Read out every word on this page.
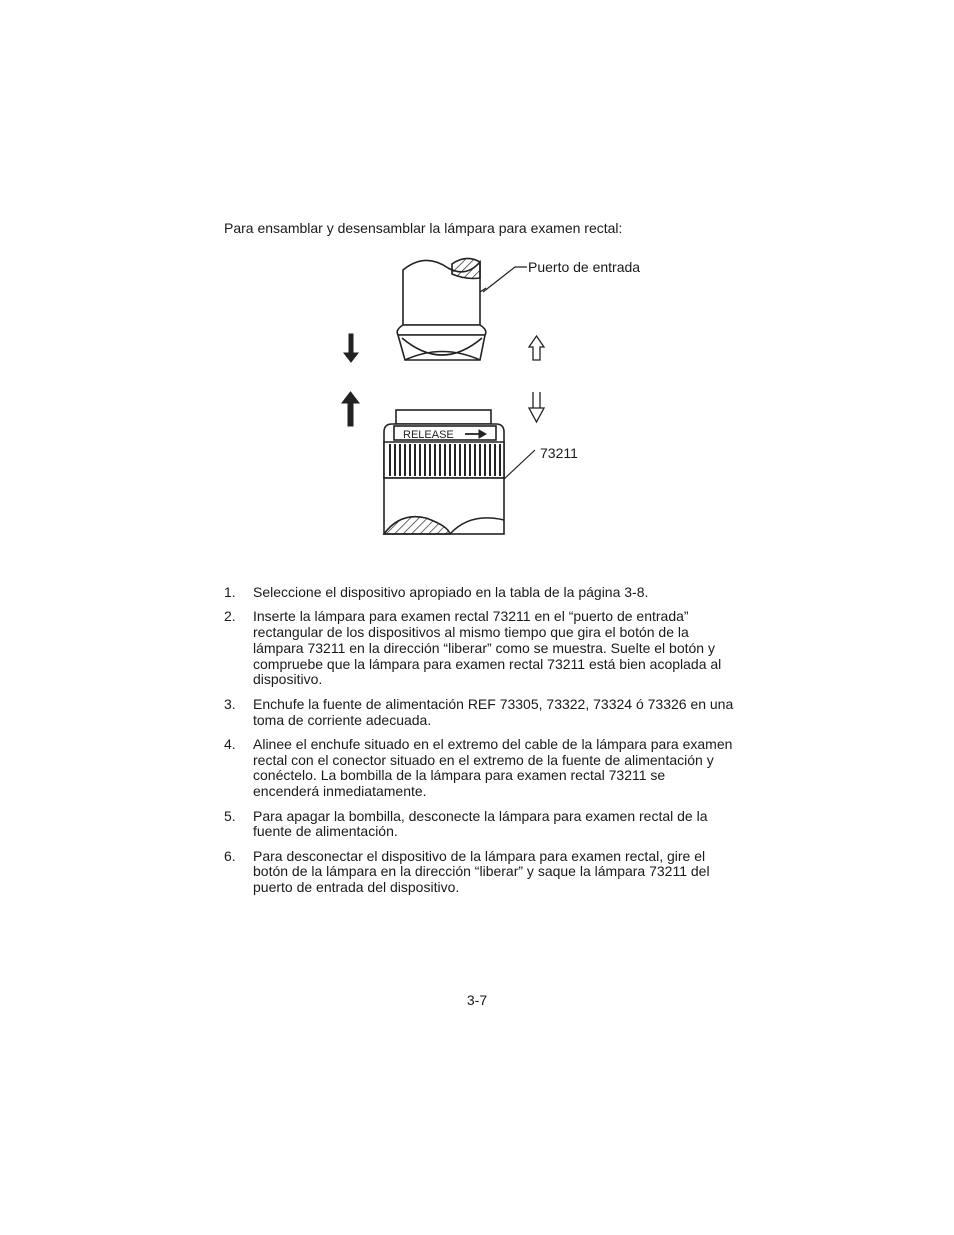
Para ensamblar y desensamblar la lámpara para examen rectal:
RELEASE
Puerto de entrada
73211
1.	Seleccione el dispositivo apropiado en la tabla de la página 3-8.
2.	Inserte la lámpara para examen rectal 73211 en el “puerto de entrada” rectangular de los dispositivos al mismo tiempo que gira el botón de la lámpara 73211 en la dirección “liberar” como se muestra. Suelte el botón y compruebe que la lámpara para examen rectal 73211 está bien acoplada al dispositivo.
3.	Enchufe la fuente de alimentación REF 73305, 73322, 73324 ó 73326 en una toma de corriente adecuada.
4.	Alinee el enchufe situado en el extremo del cable de la lámpara para examen rectal con el conector situado en el extremo de la fuente de alimentación y conéctelo. La bombilla de la lámpara para examen rectal 73211 se encenderá inmediatamente.
5.	Para apagar la bombilla, desconecte la lámpara para examen rectal de la fuente de alimentación.
6.	Para desconectar el dispositivo de la lámpara para examen rectal, gire el botón de la lámpara en la dirección “liberar” y saque la lámpara 73211 del puerto de entrada del dispositivo.
3-7
